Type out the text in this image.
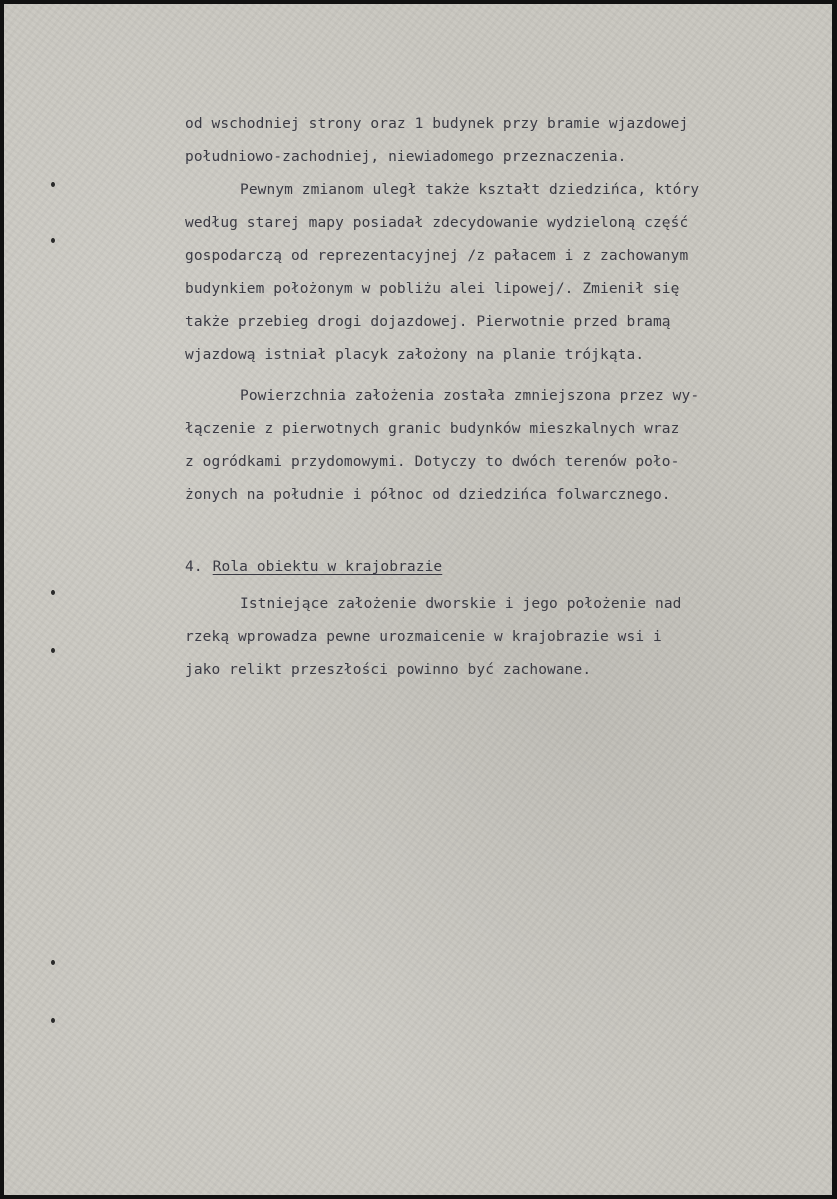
od wschodniej strony oraz 1 budynek przy bramie wjazdowej
południowo-zachodniej, niewiadomego przeznaczenia.
Pewnym zmianom uległ także kształt dziedzińca, który
według starej mapy posiadał zdecydowanie wydzieloną część
gospodarczą od reprezentacyjnej /z pałacem i z zachowanym
budynkiem położonym w pobliżu alei lipowej/. Zmienił się
także przebieg drogi dojazdowej. Pierwotnie przed bramą
wjazdową istniał placyk założony na planie trójkąta.
Powierzchnia założenia została zmniejszona przez wy-
łączenie z pierwotnych granic budynków mieszkalnych wraz
z ogródkami przydomowymi. Dotyczy to dwóch terenów poło-
żonych na południe i północ od dziedzińca folwarcznego.
4. Rola obiektu w krajobrazie
Istniejące założenie dworskie i jego położenie nad
rzeką wprowadza pewne urozmaicenie w krajobrazie wsi i
jako relikt przeszłości powinno być zachowane.
